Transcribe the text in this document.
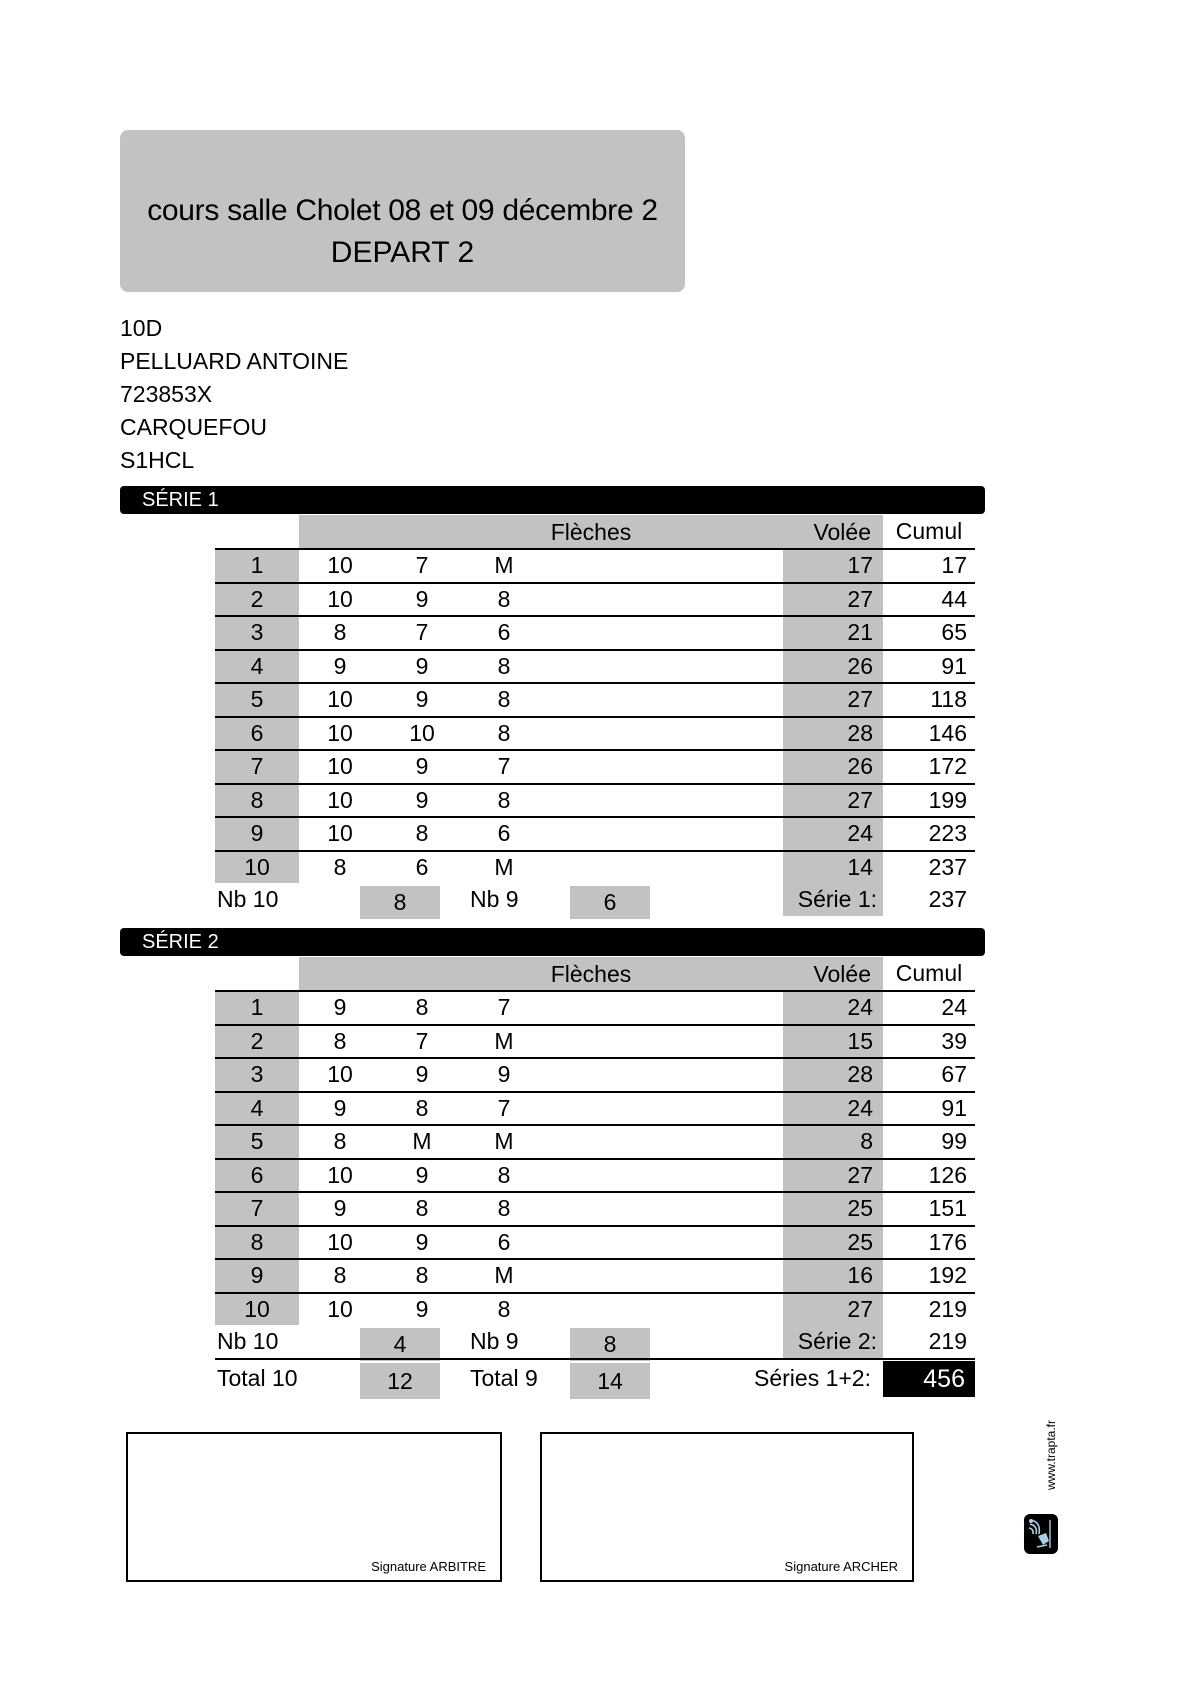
cours salle Cholet 08 et 09 décembre 2
DEPART 2
10D
PELLUARD ANTOINE
723853X
CARQUEFOU
S1HCL
SÉRIE 1
Flèches	Volée	Cumul
1	10	7	M	17	17
2	10	9	8	27	44
3	8	7	6	21	65
4	9	9	8	26	91
5	10	9	8	27	118
6	10	10	8	28	146
7	10	9	7	26	172
8	10	9	8	27	199
9	10	8	6	24	223
10	8	6	M	14	237
Nb 10	8	Nb 9	6	Série 1:	237
SÉRIE 2
Flèches	Volée	Cumul
1	9	8	7	24	24
2	8	7	M	15	39
3	10	9	9	28	67
4	9	8	7	24	91
5	8	M	M	8	99
6	10	9	8	27	126
7	9	8	8	25	151
8	10	9	6	25	176
9	8	8	M	16	192
10	10	9	8	27	219
Nb 10	4	Nb 9	8	Série 2:	219
Total 10	12	Total 9	14	Séries 1+2:	456
Signature ARBITRE	Signature ARCHER
www.trapta.fr
